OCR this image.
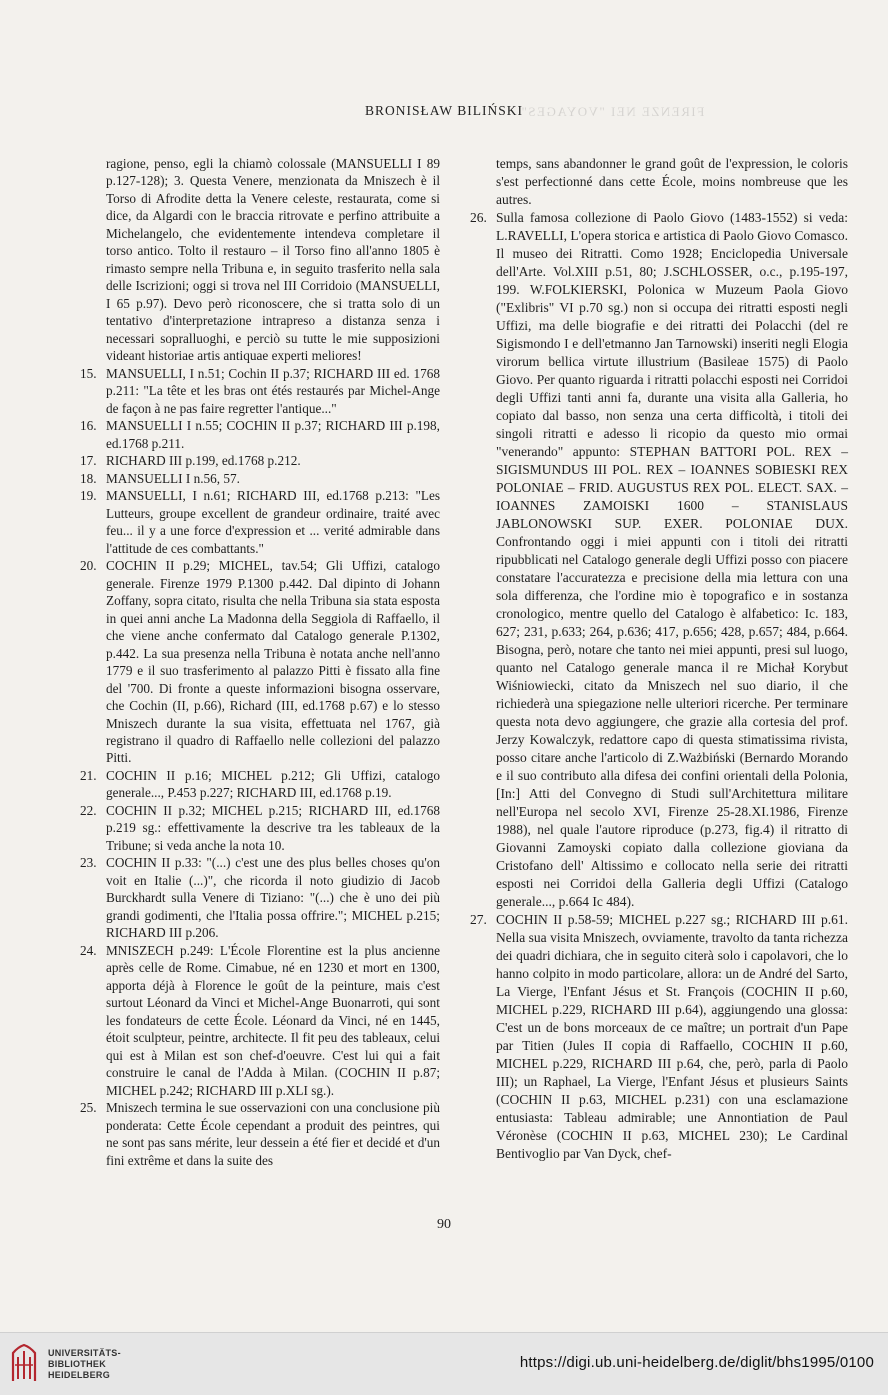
FIRENZE NEI "VOYAGES"
BRONISŁAW BILIŃSKI

ragione, penso, egli la chiamò colossale (MANSUELLI I 89 p.127-128); 3. Questa Venere, menzionata da Mniszech è il Torso di Afrodite detta la Venere celeste, restaurata, come si dice, da Algardi con le braccia ritrovate e perfino attribuite a Michelangelo, che evidentemente intendeva completare il torso antico. Tolto il restauro – il Torso fino all'anno 1805 è rimasto sempre nella Tribuna e, in seguito trasferito nella sala delle Iscrizioni; oggi si trova nel III Corridoio (MANSUELLI, I 65 p.97). Devo però riconoscere, che si tratta solo di un tentativo d'interpretazione intrapreso a distanza senza i necessari sopralluoghi, e perciò su tutte le mie supposizioni videant historiae artis antiquae experti meliores!

15. MANSUELLI, I n.51; Cochin II p.37; RICHARD III ed. 1768 p.211: "La tête et les bras ont étés restaurés par Michel-Ange de façon à ne pas faire regretter l'antique..."

16. MANSUELLI I n.55; COCHIN II p.37; RICHARD III p.198, ed.1768 p.211.

17. RICHARD III p.199, ed.1768 p.212.

18. MANSUELLI I n.56, 57.

19. MANSUELLI, I n.61; RICHARD III, ed.1768 p.213: "Les Lutteurs, groupe excellent de grandeur ordinaire, traité avec feu... il y a une force d'expression et ... verité admirable dans l'attitude de ces combattants."

20. COCHIN II p.29; MICHEL, tav.54; Gli Uffizi, catalogo generale. Firenze 1979 P.1300 p.442. Dal dipinto di Johann Zoffany, sopra citato, risulta che nella Tribuna sia stata esposta in quei anni anche La Madonna della Seggiola di Raffaello, il che viene anche confermato dal Catalogo generale P.1302, p.442. La sua presenza nella Tribuna è notata anche nell'anno 1779 e il suo trasferimento al palazzo Pitti è fissato alla fine del '700. Di fronte a queste informazioni bisogna osservare, che Cochin (II, p.66), Richard (III, ed.1768 p.67) e lo stesso Mniszech durante la sua visita, effettuata nel 1767, già registrano il quadro di Raffaello nelle collezioni del palazzo Pitti.

21. COCHIN II p.16; MICHEL p.212; Gli Uffizi, catalogo generale..., P.453 p.227; RICHARD III, ed.1768 p.19.

22. COCHIN II p.32; MICHEL p.215; RICHARD III, ed.1768 p.219 sg.: effettivamente la descrive tra les tableaux de la Tribune; si veda anche la nota 10.

23. COCHIN II p.33: "(...) c'est une des plus belles choses qu'on voit en Italie (...)", che ricorda il noto giudizio di Jacob Burckhardt sulla Venere di Tiziano: "(...) che è uno dei più grandi godimenti, che l'Italia possa offrire."; MICHEL p.215; RICHARD III p.206.

24. MNISZECH p.249: L'École Florentine est la plus ancienne après celle de Rome. Cimabue, né en 1230 et mort en 1300, apporta déjà à Florence le goût de la peinture, mais c'est surtout Léonard da Vinci et Michel-Ange Buonarroti, qui sont les fondateurs de cette École. Léonard da Vinci, né en 1445, étoit sculpteur, peintre, architecte. Il fit peu des tableaux, celui qui est à Milan est son chef-d'oeuvre. C'est lui qui a fait construire le canal de l'Adda à Milan. (COCHIN II p.87; MICHEL p.242; RICHARD III p.XLI sg.).

25. Mniszech termina le sue osservazioni con una conclusione più ponderata: Cette École cependant a produit des peintres, qui ne sont pas sans mérite, leur dessein a été fier et decidé et d'un fini extrême et dans la suite des

temps, sans abandonner le grand goût de l'expression, le coloris s'est perfectionné dans cette École, moins nombreuse que les autres.

26. Sulla famosa collezione di Paolo Giovo (1483-1552) si veda: L.RAVELLI, L'opera storica e artistica di Paolo Giovo Comasco. Il museo dei Ritratti. Como 1928; Enciclopedia Universale dell'Arte. Vol.XIII p.51, 80; J.SCHLOSSER, o.c., p.195-197, 199. W.FOLKIERSKI, Polonica w Muzeum Paola Giovo ("Exlibris" VI p.70 sg.) non si occupa dei ritratti esposti negli Uffizi, ma delle biografie e dei ritratti dei Polacchi (del re Sigismondo I e dell'etmanno Jan Tarnowski) inseriti negli Elogia virorum bellica virtute illustrium (Basileae 1575) di Paolo Giovo. Per quanto riguarda i ritratti polacchi esposti nei Corridoi degli Uffizi tanti anni fa, durante una visita alla Galleria, ho copiato dal basso, non senza una certa difficoltà, i titoli dei singoli ritratti e adesso li ricopio da questo mio ormai "venerando" appunto: STEPHAN BATTORI POL. REX – SIGISMUNDUS III POL. REX – IOANNES SOBIESKI REX POLONIAE – FRID. AUGUSTUS REX POL. ELECT. SAX. – IOANNES ZAMOISKI 1600 – STANISLAUS JABLONOWSKI SUP. EXER. POLONIAE DUX. Confrontando oggi i miei appunti con i titoli dei ritratti ripubblicati nel Catalogo generale degli Uffizi posso con piacere constatare l'accuratezza e precisione della mia lettura con una sola differenza, che l'ordine mio è topografico e in sostanza cronologico, mentre quello del Catalogo è alfabetico: Ic. 183, 627; 231, p.633; 264, p.636; 417, p.656; 428, p.657; 484, p.664. Bisogna, però, notare che tanto nei miei appunti, presi sul luogo, quanto nel Catalogo generale manca il re Michał Korybut Wiśniowiecki, citato da Mniszech nel suo diario, il che richiederà una spiegazione nelle ulteriori ricerche. Per terminare questa nota devo aggiungere, che grazie alla cortesia del prof. Jerzy Kowalczyk, redattore capo di questa stimatissima rivista, posso citare anche l'articolo di Z.Ważbiński (Bernardo Morando e il suo contributo alla difesa dei confini orientali della Polonia, [In:] Atti del Convegno di Studi sull'Architettura militare nell'Europa nel secolo XVI, Firenze 25-28.XI.1986, Firenze 1988), nel quale l'autore riproduce (p.273, fig.4) il ritratto di Giovanni Zamoyski copiato dalla collezione gioviana da Cristofano dell' Altissimo e collocato nella serie dei ritratti esposti nei Corridoi della Galleria degli Uffizi (Catalogo generale..., p.664 Ic 484).

27. COCHIN II p.58-59; MICHEL p.227 sg.; RICHARD III p.61. Nella sua visita Mniszech, ovviamente, travolto da tanta richezza dei quadri dichiara, che in seguito citerà solo i capolavori, che lo hanno colpito in modo particolare, allora: un de André del Sarto, La Vierge, l'Enfant Jésus et St. François (COCHIN II p.60, MICHEL p.229, RICHARD III p.64), aggiungendo una glossa: C'est un de bons morceaux de ce maître; un portrait d'un Pape par Titien (Jules II copia di Raffaello, COCHIN II p.60, MICHEL p.229, RICHARD III p.64, che, però, parla di Paolo III); un Raphael, La Vierge, l'Enfant Jésus et plusieurs Saints (COCHIN II p.63, MICHEL p.231) con una esclamazione entusiasta: Tableau admirable; une Annontiation de Paul Véronèse (COCHIN II p.63, MICHEL 230); Le Cardinal Bentivoglio par Van Dyck, chef-

90
UNIVERSITÄTS-
BIBLIOTHEK
HEIDELBERG
https://digi.ub.uni-heidelberg.de/diglit/bhs1995/0100
